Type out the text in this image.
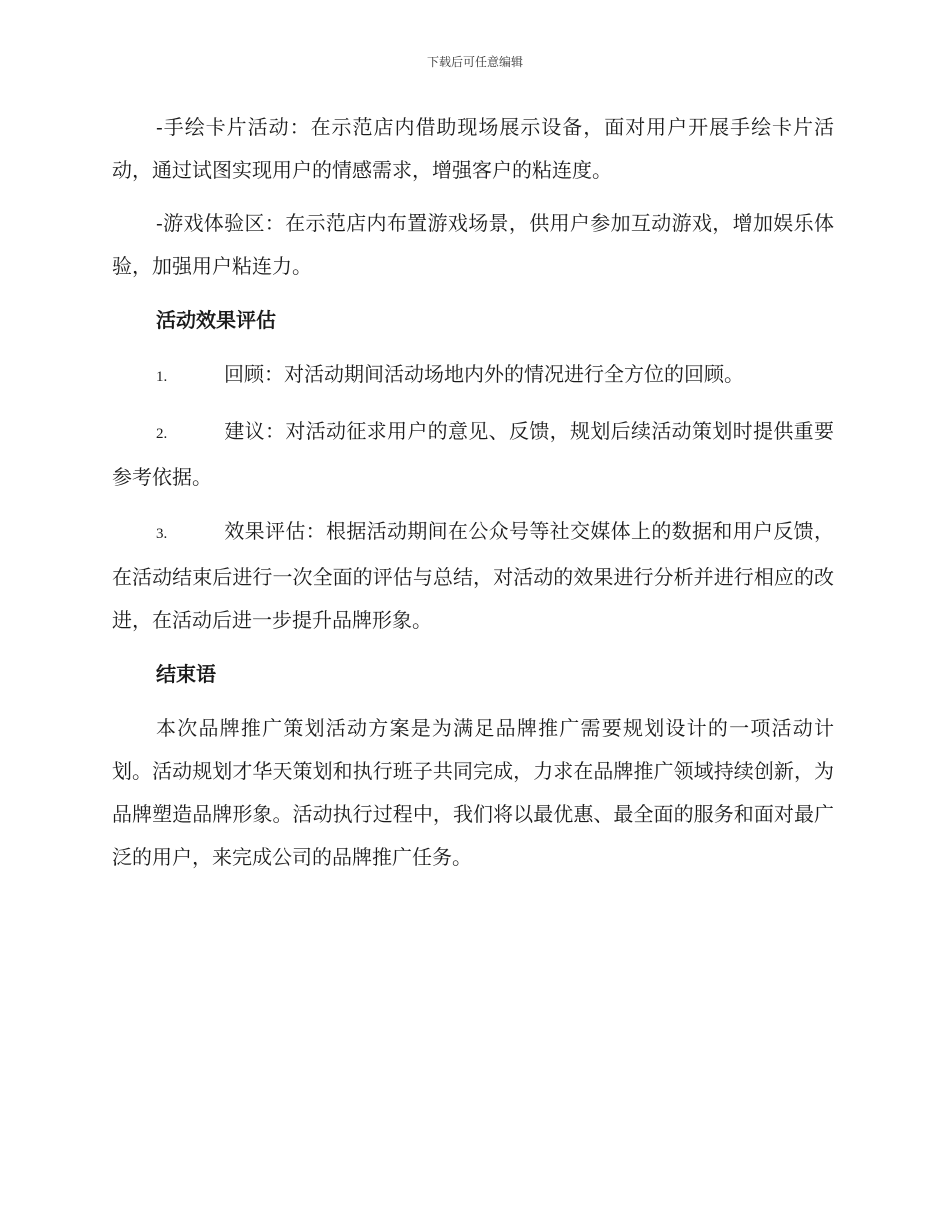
下载后可任意编辑

-手绘卡片活动：在示范店内借助现场展示设备，面对用户开展手绘卡片活动，通过试图实现用户的情感需求，增强客户的粘连度。

-游戏体验区：在示范店内布置游戏场景，供用户参加互动游戏，增加娱乐体验，加强用户粘连力。

活动效果评估
1.	回顾：对活动期间活动场地内外的情况进行全方位的回顾。
2.	建议：对活动征求用户的意见、反馈，规划后续活动策划时提供重要参考依据。
3.	效果评估：根据活动期间在公众号等社交媒体上的数据和用户反馈，在活动结束后进行一次全面的评估与总结，对活动的效果进行分析并进行相应的改进，在活动后进一步提升品牌形象。
结束语

本次品牌推广策划活动方案是为满足品牌推广需要规划设计的一项活动计划。活动规划才华天策划和执行班子共同完成，力求在品牌推广领域持续创新，为品牌塑造品牌形象。活动执行过程中，我们将以最优惠、最全面的服务和面对最广泛的用户，来完成公司的品牌推广任务。
